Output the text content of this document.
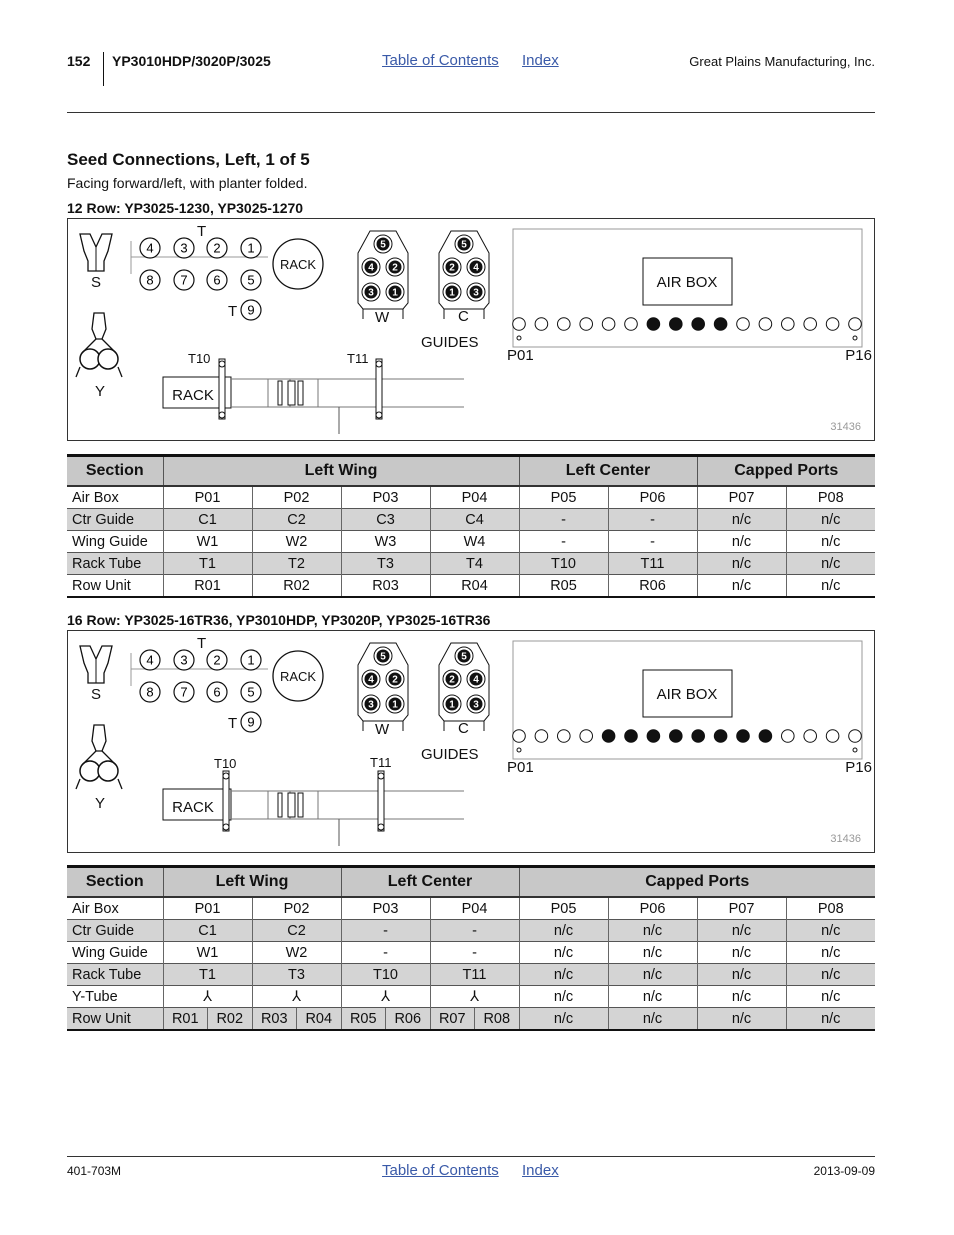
152 YP3010HDP/3020P/3025	Table of Contents Index	Great Plains Manufacturing, Inc.
Seed Connections, Left, 1 of 5
Facing forward/left, with planter folded.
12 Row: YP3025-1230, YP3025-1270
S
Y
T
4 3 2 1
8 7 6 5
RACK
T 9
5
4 2
3 1
5
2 4
1 3
W	C
GUIDES
AIR BOX
P01	P16
T10	T11
RACK
31436
Section	Left Wing				Left Center		Capped Ports	
Air Box	P01	P02	P03	P04	P05	P06	P07	P08
Ctr Guide	C1	C2	C3	C4	-	-	n/c	n/c
Wing Guide	W1	W2	W3	W4	-	-	n/c	n/c
Rack Tube	T1	T2	T3	T4	T10	T11	n/c	n/c
Row Unit	R01	R02	R03	R04	R05	R06	n/c	n/c
16 Row: YP3025-16TR36, YP3010HDP, YP3020P, YP3025-16TR36
S
Y
T
4 3 2 1
8 7 6 5
RACK
T 9
5
4 2
3 1
5
2 4
1 3
W	C
GUIDES
AIR BOX
P01	P16
T10	T11
RACK
31436
Section	Left Wing		Left Center		Capped Ports			
Air Box	P01	P02	P03	P04	P05	P06	P07	P08
Ctr Guide	C1	C2	-	-	n/c	n/c	n/c	n/c
Wing Guide	W1	W2	-	-	n/c	n/c	n/c	n/c
Rack Tube	T1	T3	T10	T11	n/c	n/c	n/c	n/c
Y-Tube	⅄	⅄	⅄	⅄	n/c	n/c	n/c	n/c
Row Unit	R01 R02	R03 R04	R05 R06	R07 R08	n/c	n/c	n/c	n/c
401-703M	Table of Contents Index	2013-09-09
